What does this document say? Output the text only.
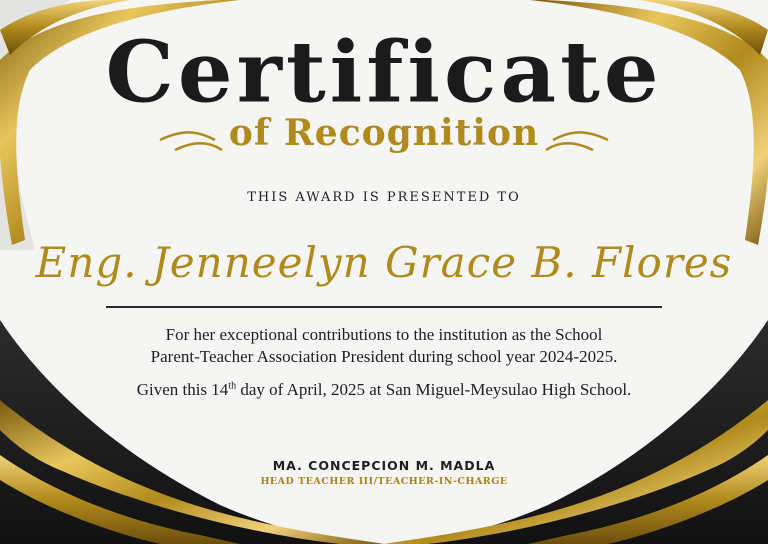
Certificate
of Recognition
THIS AWARD IS PRESENTED TO
Eng. Jenneelyn Grace B. Flores
For her exceptional contributions to the institution as the School
Parent-Teacher Association President during school year 2024-2025.
Given this 14th day of April, 2025 at San Miguel-Meysulao High School.
MA. CONCEPCION M. MADLA
HEAD TEACHER III/TEACHER-IN-CHARGE
